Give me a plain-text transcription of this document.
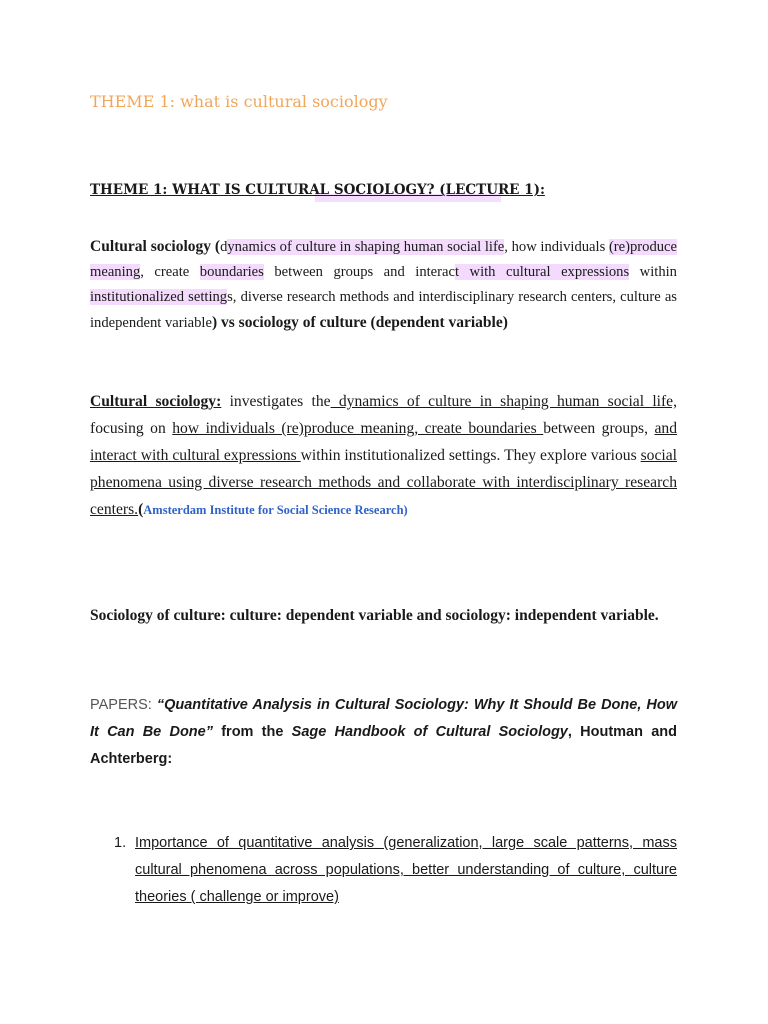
THEME 1: what is cultural sociology
THEME 1: WHAT IS CULTURAL SOCIOLOGY? (LECTURE 1):
Cultural sociology (dynamics of culture in shaping human social life, how individuals (re)produce meaning, create boundaries between groups and interact with cultural expressions within institutionalized settings, diverse research methods and interdisciplinary research centers, culture as independent variable) vs sociology of culture (dependent variable)
Cultural sociology: investigates the dynamics of culture in shaping human social life, focusing on how individuals (re)produce meaning, create boundaries between groups, and interact with cultural expressions within institutionalized settings. They explore various social phenomena using diverse research methods and collaborate with interdisciplinary research centers.(Amsterdam Institute for Social Science Research)
Sociology of culture: culture: dependent variable and sociology: independent variable.
PAPERS: “Quantitative Analysis in Cultural Sociology: Why It Should Be Done, How It Can Be Done” from the Sage Handbook of Cultural Sociology, Houtman and Achterberg:
1. Importance of quantitative analysis (generalization, large scale patterns, mass cultural phenomena across populations, better understanding of culture, culture theories ( challenge or improve)
